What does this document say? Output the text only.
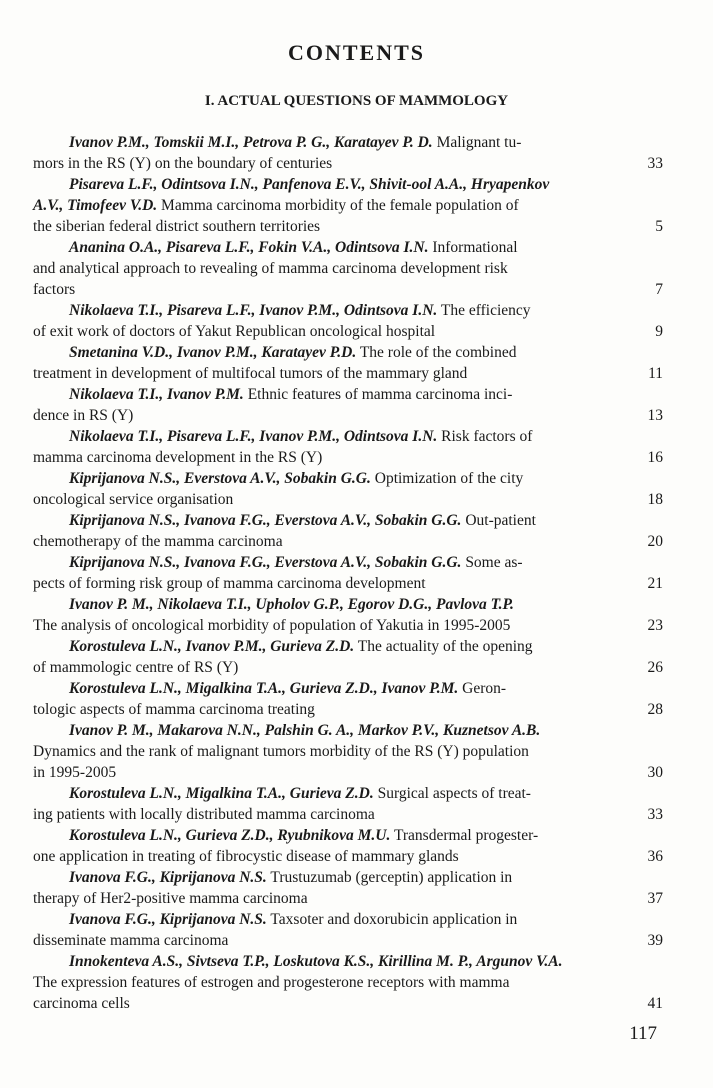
CONTENTS
I. ACTUAL QUESTIONS OF MAMMOLOGY
Ivanov P.M., Tomskii M.I., Petrova P. G., Karatayev P. D. Malignant tu-
mors in the RS (Y) on the boundary of centuries	33
Pisareva L.F., Odintsova I.N., Panfenova E.V., Shivit-ool A.A., Hryapenkov
A.V., Timofeev V.D. Mamma carcinoma morbidity of the female population of
the siberian federal district southern territories	5
Ananina O.A., Pisareva L.F., Fokin V.A., Odintsova I.N. Informational
and analytical approach to revealing of mamma carcinoma development risk
factors	7
Nikolaeva T.I., Pisareva L.F., Ivanov P.M., Odintsova I.N. The efficiency
of exit work of doctors of Yakut Republican oncological hospital	9
Smetanina V.D., Ivanov P.M., Karatayev P.D. The role of the combined
treatment in development of multifocal tumors of the mammary gland	11
Nikolaeva T.I., Ivanov P.M. Ethnic features of mamma carcinoma inci-
dence in RS (Y)	13
Nikolaeva T.I., Pisareva L.F., Ivanov P.M., Odintsova I.N. Risk factors of
mamma carcinoma development in the RS (Y)	16
Kiprijanova N.S., Everstova A.V., Sobakin G.G. Optimization of the city
oncological service organisation	18
Kiprijanova N.S., Ivanova F.G., Everstova A.V., Sobakin G.G. Out-patient
chemotherapy of the mamma carcinoma	20
Kiprijanova N.S., Ivanova F.G., Everstova A.V., Sobakin G.G. Some as-
pects of forming risk group of mamma carcinoma development	21
Ivanov P. M., Nikolaeva T.I., Upholov G.P., Egorov D.G., Pavlova T.P.
The analysis of oncological morbidity of population of Yakutia in 1995-2005	23
Korostuleva L.N., Ivanov P.M., Gurieva Z.D. The actuality of the opening
of mammologic centre of RS (Y)	26
Korostuleva L.N., Migalkina T.A., Gurieva Z.D., Ivanov P.M. Geron-
tologic aspects of mamma carcinoma treating	28
Ivanov P. M., Makarova N.N., Palshin G. A., Markov P.V., Kuznetsov A.B.
Dynamics and the rank of malignant tumors morbidity of the RS (Y) population
in 1995-2005	30
Korostuleva L.N., Migalkina T.A., Gurieva Z.D. Surgical aspects of treat-
ing patients with locally distributed mamma carcinoma	33
Korostuleva L.N., Gurieva Z.D., Ryubnikova M.U. Transdermal progester-
one application in treating of fibrocystic disease of mammary glands	36
Ivanova F.G., Kiprijanova N.S. Trustuzumab (gerceptin) application in
therapy of Her2-positive mamma carcinoma	37
Ivanova F.G., Kiprijanova N.S. Taxsoter and doxorubicin application in
disseminate mamma carcinoma	39
Innokenteva A.S., Sivtseva T.P., Loskutova K.S., Kirillina M. P., Argunov V.A.
The expression features of estrogen and progesterone receptors with mamma
carcinoma cells	41
117
